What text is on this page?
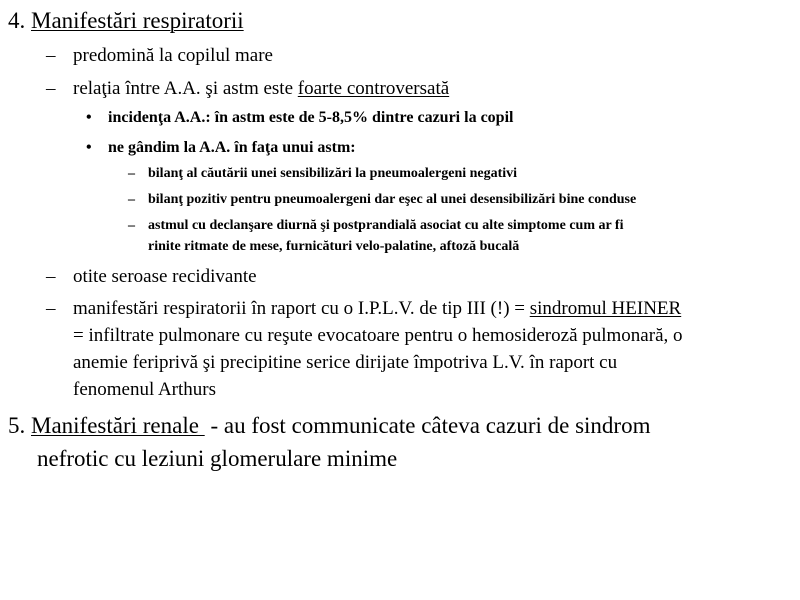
4. Manifestări respiratorii
– predomină la copilul mare
– relaţia între A.A. şi astm este foarte controversată
• incidenţa A.A.: în astm este de 5-8,5% dintre cazuri la copil
• ne gândim la A.A. în faţa unui astm:
– bilanţ al căutării unei sensibilizări la pneumoalergeni negativi
– bilanţ pozitiv pentru pneumoalergeni dar eşec al unei desensibilizări bine conduse
– astmul cu declanşare diurnă şi postprandială asociat cu alte simptome cum ar fi
rinite ritmate de mese, furnicături velo-palatine, aftoză bucală
– otite seroase recidivante
– manifestări respiratorii în raport cu o I.P.L.V. de tip III (!) = sindromul HEINER
= infiltrate pulmonare cu reşute evocatoare pentru o hemosideroză pulmonară, o
anemie feriprivă şi precipitine serice dirijate împotriva L.V. în raport cu
fenomenul Arthurs
5. Manifestări renale  - au fost communicate câteva cazuri de sindrom
nefrotic cu leziuni glomerulare minime
